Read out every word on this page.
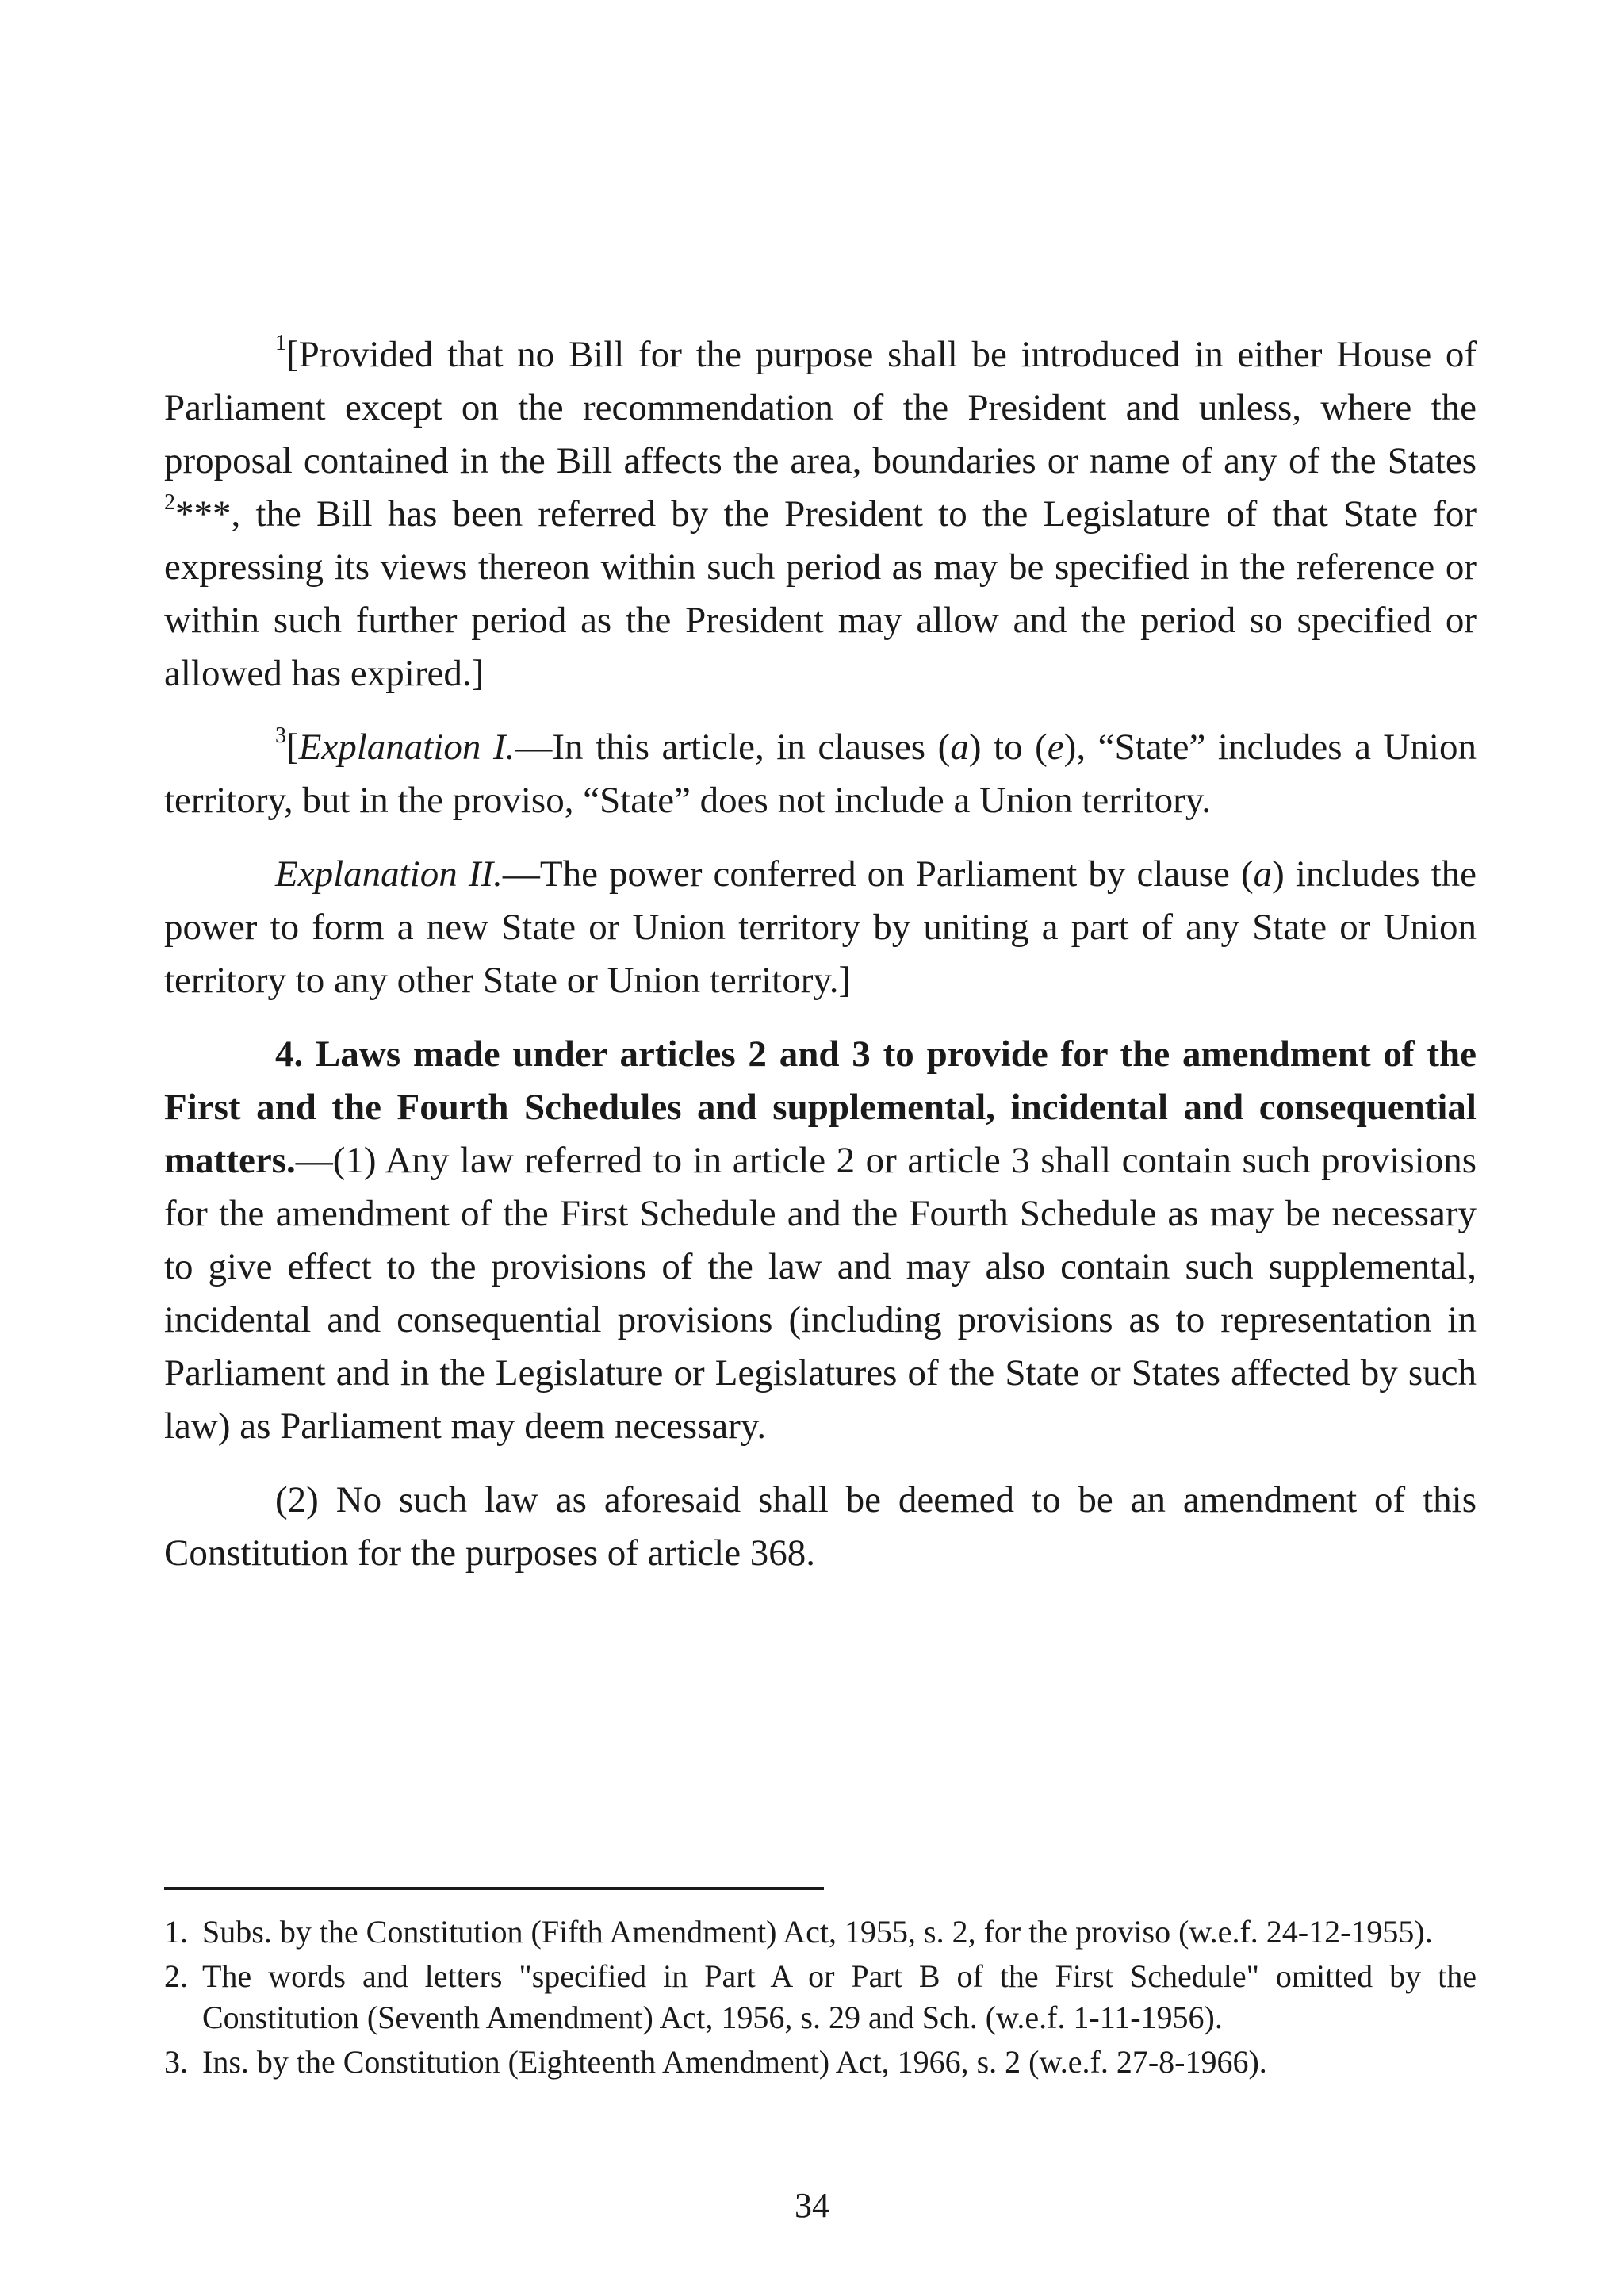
$^1$[Provided that no Bill for the purpose shall be introduced in either House of Parliament except on the recommendation of the President and unless, where the proposal contained in the Bill affects the area, boundaries or name of any of the States $^2$***, the Bill has been referred by the President to the Legislature of that State for expressing its views thereon within such period as may be specified in the reference or within such further period as the President may allow and the period so specified or allowed has expired.]

$^3$[Explanation I.—In this article, in clauses (a) to (e), “State” includes a Union territory, but in the proviso, “State” does not include a Union territory.

Explanation II.—The power conferred on Parliament by clause (a) includes the power to form a new State or Union territory by uniting a part of any State or Union territory to any other State or Union territory.]

4. Laws made under articles 2 and 3 to provide for the amendment of the First and the Fourth Schedules and supplemental, incidental and consequential matters.—(1) Any law referred to in article 2 or article 3 shall contain such provisions for the amendment of the First Schedule and the Fourth Schedule as may be necessary to give effect to the provisions of the law and may also contain such supplemental, incidental and consequential provisions (including provisions as to representation in Parliament and in the Legislature or Legislatures of the State or States affected by such law) as Parliament may deem necessary.

(2) No such law as aforesaid shall be deemed to be an amendment of this Constitution for the purposes of article 368.

1. Subs. by the Constitution (Fifth Amendment) Act, 1955, s. 2, for the proviso (w.e.f. 24-12-1955).
2. The words and letters "specified in Part A or Part B of the First Schedule" omitted by the Constitution (Seventh Amendment) Act, 1956, s. 29 and Sch. (w.e.f. 1-11-1956).
3. Ins. by the Constitution (Eighteenth Amendment) Act, 1966, s. 2 (w.e.f. 27-8-1966).
34
